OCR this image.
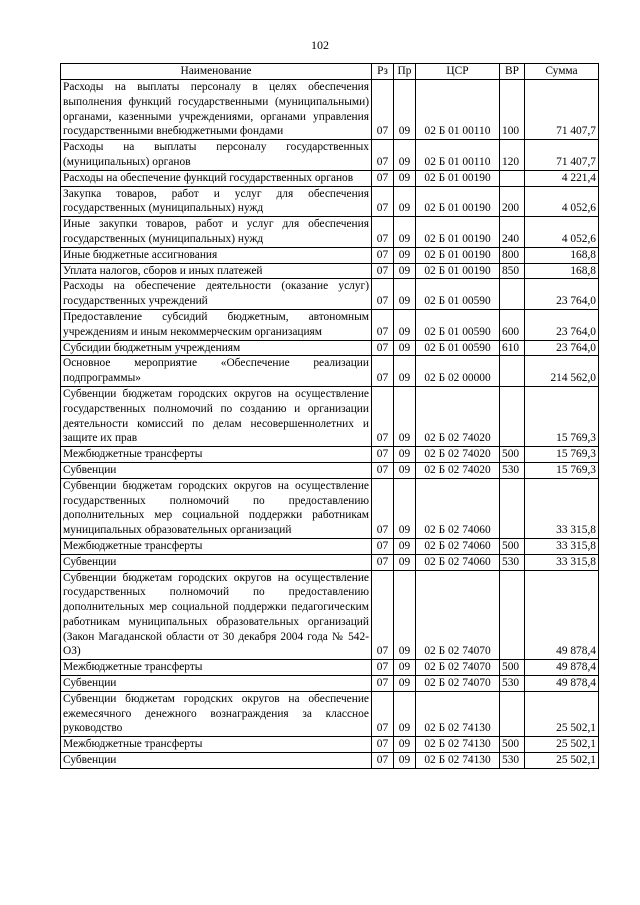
102
Наименование	Рз	Пр	ЦСР	ВР	Сумма
Расходы на выплаты персоналу в целях обеспечения выполнения функций государственными (муниципальными) органами, казенными учреждениями, органами управления государственными внебюджетными фондами	07	09	02 Б 01 00110	100	71 407,7
Расходы на выплаты персоналу государственных (муниципальных) органов	07	09	02 Б 01 00110	120	71 407,7
Расходы на обеспечение функций государственных органов	07	09	02 Б 01 00190		4 221,4
Закупка товаров, работ и услуг для обеспечения государственных (муниципальных) нужд	07	09	02 Б 01 00190	200	4 052,6
Иные закупки товаров, работ и услуг для обеспечения государственных (муниципальных) нужд	07	09	02 Б 01 00190	240	4 052,6
Иные бюджетные ассигнования	07	09	02 Б 01 00190	800	168,8
Уплата налогов, сборов и иных платежей	07	09	02 Б 01 00190	850	168,8
Расходы на обеспечение деятельности (оказание услуг) государственных учреждений	07	09	02 Б 01 00590		23 764,0
Предоставление субсидий бюджетным, автономным учреждениям и иным некоммерческим организациям	07	09	02 Б 01 00590	600	23 764,0
Субсидии бюджетным учреждениям	07	09	02 Б 01 00590	610	23 764,0
Основное мероприятие «Обеспечение реализации подпрограммы»	07	09	02 Б 02 00000		214 562,0
Субвенции бюджетам городских округов на осуществление государственных полномочий по созданию и организации деятельности комиссий по делам несовершеннолетних и защите их прав	07	09	02 Б 02 74020		15 769,3
Межбюджетные трансферты	07	09	02 Б 02 74020	500	15 769,3
Субвенции	07	09	02 Б 02 74020	530	15 769,3
Субвенции бюджетам городских округов на осуществление государственных полномочий по предоставлению дополнительных мер социальной поддержки работникам муниципальных образовательных организаций	07	09	02 Б 02 74060		33 315,8
Межбюджетные трансферты	07	09	02 Б 02 74060	500	33 315,8
Субвенции	07	09	02 Б 02 74060	530	33 315,8
Субвенции бюджетам городских округов на осуществление государственных полномочий по предоставлению дополнительных мер социальной поддержки педагогическим работникам муниципальных образовательных организаций (Закон Магаданской области от 30 декабря 2004 года № 542-ОЗ)	07	09	02 Б 02 74070		49 878,4
Межбюджетные трансферты	07	09	02 Б 02 74070	500	49 878,4
Субвенции	07	09	02 Б 02 74070	530	49 878,4
Субвенции бюджетам городских округов на обеспечение ежемесячного денежного вознаграждения за классное руководство	07	09	02 Б 02 74130		25 502,1
Межбюджетные трансферты	07	09	02 Б 02 74130	500	25 502,1
Субвенции	07	09	02 Б 02 74130	530	25 502,1
